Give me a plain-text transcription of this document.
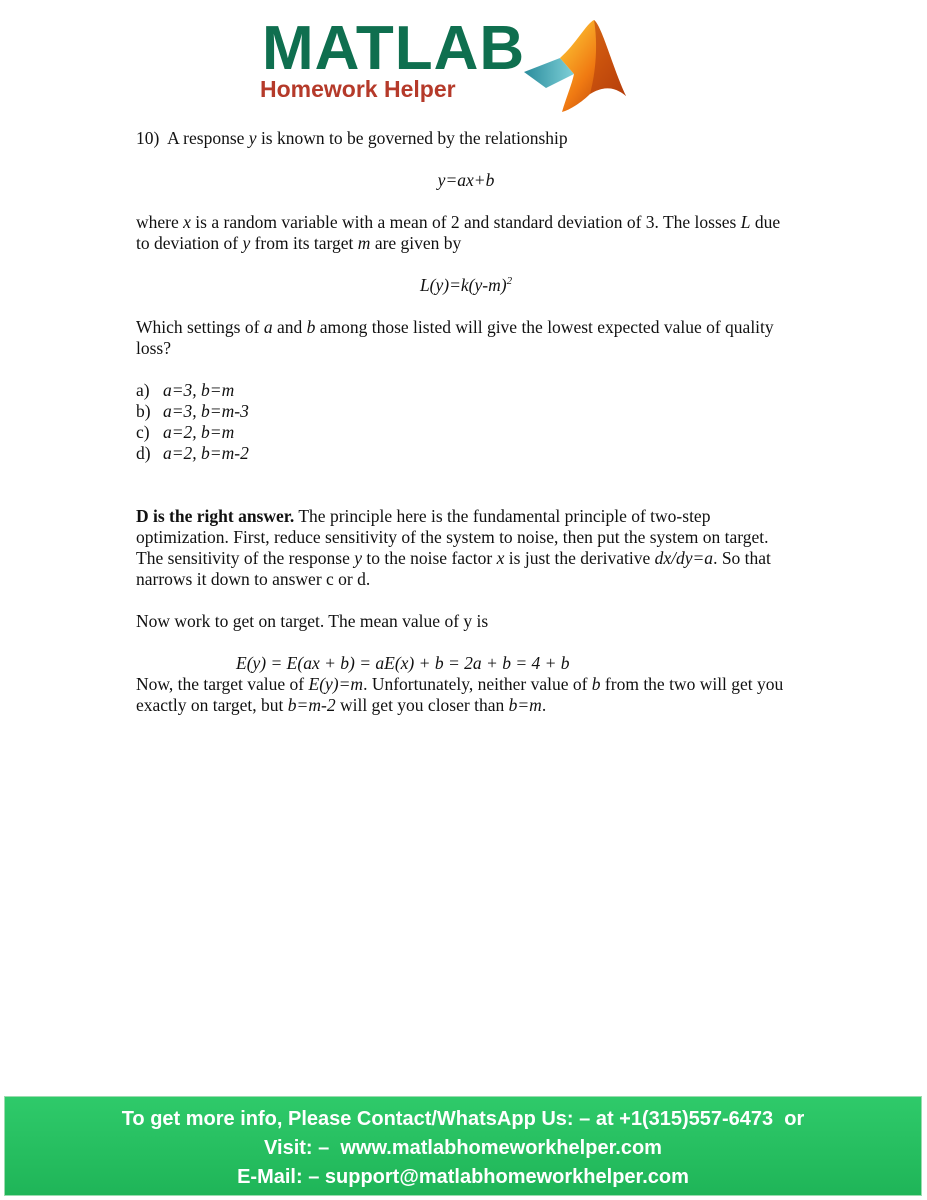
MATLAB
Homework Helper

10) A response y is known to be governed by the relationship

y=ax+b

where x is a random variable with a mean of 2 and standard deviation of 3. The losses L due to deviation of y from its target m are given by

$L(y)=k(y-m)^2$

Which settings of a and b among those listed will give the lowest expected value of quality loss?

a) a=3, b=m
b) a=3, b=m-3
c) a=2, b=m
d) a=2, b=m-2

D is the right answer. The principle here is the fundamental principle of two-step optimization. First, reduce sensitivity of the system to noise, then put the system on target. The sensitivity of the response y to the noise factor x is just the derivative dx/dy=a. So that narrows it down to answer c or d.

Now work to get on target. The mean value of y is

E(y) = E(ax + b) = aE(x) + b = 2a + b = 4 + b

Now, the target value of E(y)=m. Unfortunately, neither value of b from the two will get you exactly on target, but b=m-2 will get you closer than b=m.

To get more info, Please Contact/WhatsApp Us: – at +1(315)557-6473  or
Visit: –  www.matlabhomeworkhelper.com
E-Mail: – support@matlabhomeworkhelper.com
